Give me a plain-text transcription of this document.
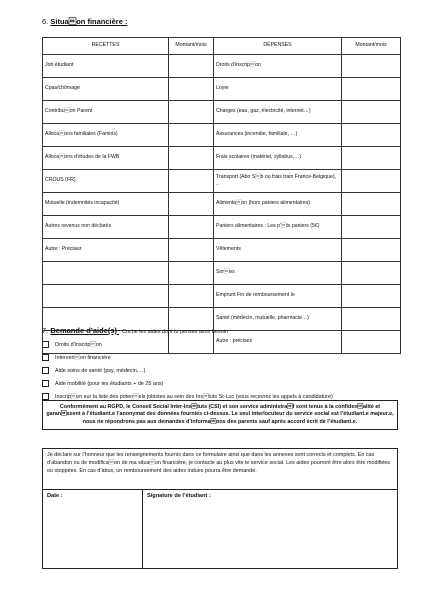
6. Situaon financière :
RECETTES	Montant/mois	DÉPENSES	Montant/mois
Job étudiant		Droits d’inscripon	
Cpas/chômage		Loyer	
Contribuon Parent		Charges (eau, gaz, électricité, internet…)	
Allocaons familiales (Famiris)		Assurances (incendie, familiale, …)	
Allocaons d’études de la FWB		Frais scolaires (matériel, syllabus,…)	
CROUS (FR)		Transport (Abo Sb ou frais train France-Belgique), ..	
Mutuelle (indemnités incapacité)		Alimentaon (hors paniers alimentaires)	
Autres revenus non déclarés		Paniers alimentaires : Les p’ts paniers (5€)	
Autre : Précisez		Vêtements	
		Sores	
		Emprunt Fin de remboursement le	
		Santé (médecin, mutuelle, pharmacie…)	
		Autre : précisez	
7. Demande d’aide(s) : Coche les aides dont tu penses avoir besoin
Droits d’inscripon
Intervenon financière
Aide soins de santé (psy, médecin,…)
Aide mobilité (pour les étudiants + de 25 ans)
Inscripon sur la liste des potenels jobistes au sein des Instuts St-Luc (vous recevrez les appels à candidature)
Conformément au RGPD, le Conseil Social Inter-Instuts (CSI) et son service administraf sont tenus à la confidenalité et garanssent à l’étudiant.e l’anonymat des données fournies ci-dessus. Le seul interlocuteur du service social est l’étudiant.e majeur.e, nous ne répondrons pas aux demandes d’informaons des parents sauf après accord écrit de l’étudiant.e.
Je déclare sur l’honneur que les renseignements fournis dans ce formulaire ainsi que dans les annexes sont corrects et complets. En cas d’abandon ou de modificaon de ma situaon financière, je contacte au plus vite le service social. Les aides pourront être alors être modifiées ou stoppées. En cas d’abus, un remboursement des aides indues pourra être demandé.
Date :	Signature de l’étudiant :
